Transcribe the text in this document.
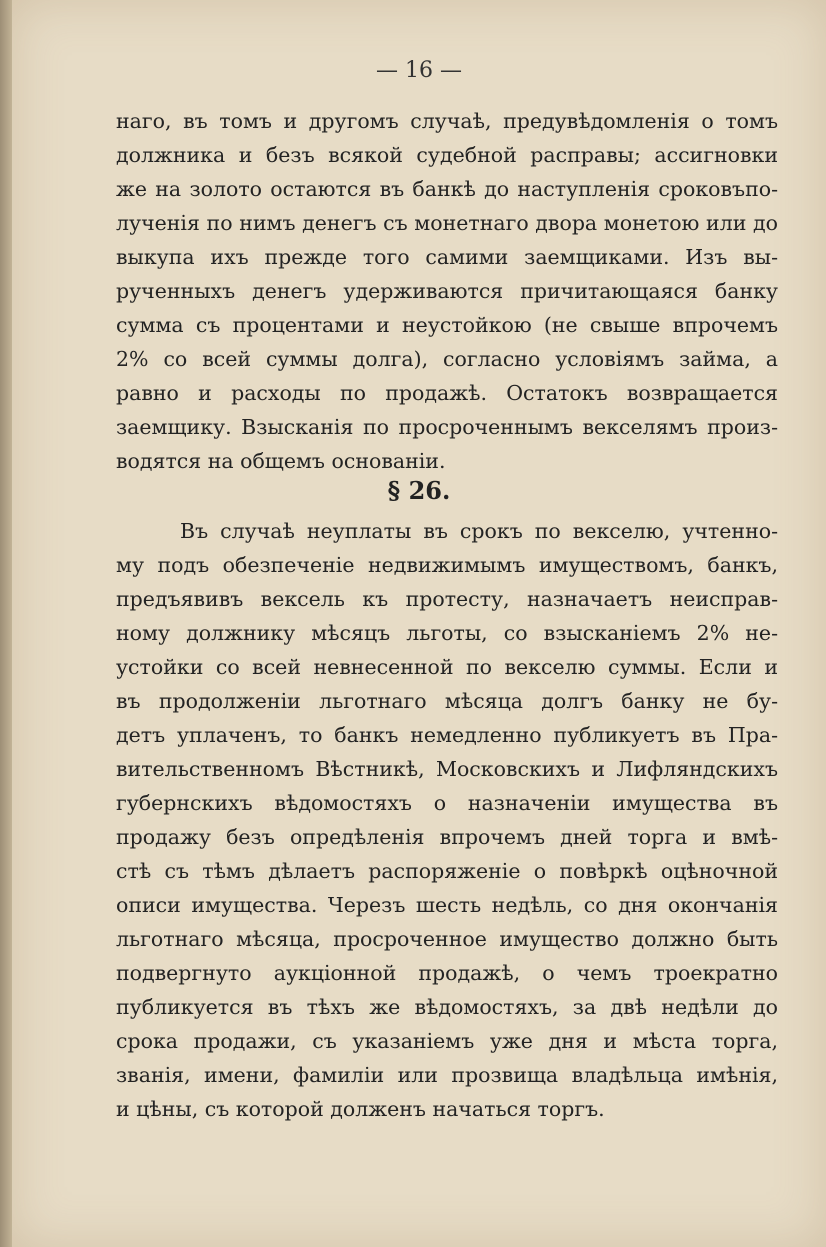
— 16 —
наго, въ томъ и другомъ случаѣ, предувѣдомленія о томъ
должника и безъ всякой судебной расправы; ассигновки
же на золото остаются въ банкѣ до наступленія сроковъпо-
лученія по нимъ денегъ съ монетнаго двора монетою или до
выкупа ихъ прежде того самими заемщиками. Изъ вы-
рученныхъ денегъ удерживаются причитающаяся банку
сумма съ процентами и неустойкою (не свыше впрочемъ
2% со всей суммы долга), согласно условіямъ займа, а
равно и расходы по продажѣ. Остатокъ возвращается
заемщику. Взысканія по просроченнымъ векселямъ произ-
водятся на общемъ основаніи.
§ 26.
Въ случаѣ неуплаты въ срокъ по векселю, учтенно-
му подъ обезпеченіе недвижимымъ имуществомъ, банкъ,
предъявивъ вексель къ протесту, назначаетъ неисправ-
ному должнику мѣсяцъ льготы, со взысканіемъ 2% не-
устойки со всей невнесенной по векселю суммы. Если и
въ продолженіи льготнаго мѣсяца долгъ банку не бу-
детъ уплаченъ, то банкъ немедленно публикуетъ въ Пра-
вительственномъ Вѣстникѣ, Московскихъ и Лифляндскихъ
губернскихъ вѣдомостяхъ о назначеніи имущества въ
продажу безъ опредѣленія впрочемъ дней торга и вмѣ-
стѣ съ тѣмъ дѣлаетъ распоряженіе о повѣркѣ оцѣночной
описи имущества. Черезъ шесть недѣль, со дня окончанія
льготнаго мѣсяца, просроченное имущество должно быть
подвергнуто аукціонной продажѣ, о чемъ троекратно
публикуется въ тѣхъ же вѣдомостяхъ, за двѣ недѣли до
срока продажи, съ указаніемъ уже дня и мѣста торга,
званія, имени, фамиліи или прозвища владѣльца имѣнія,
и цѣны, съ которой долженъ начаться торгъ.
